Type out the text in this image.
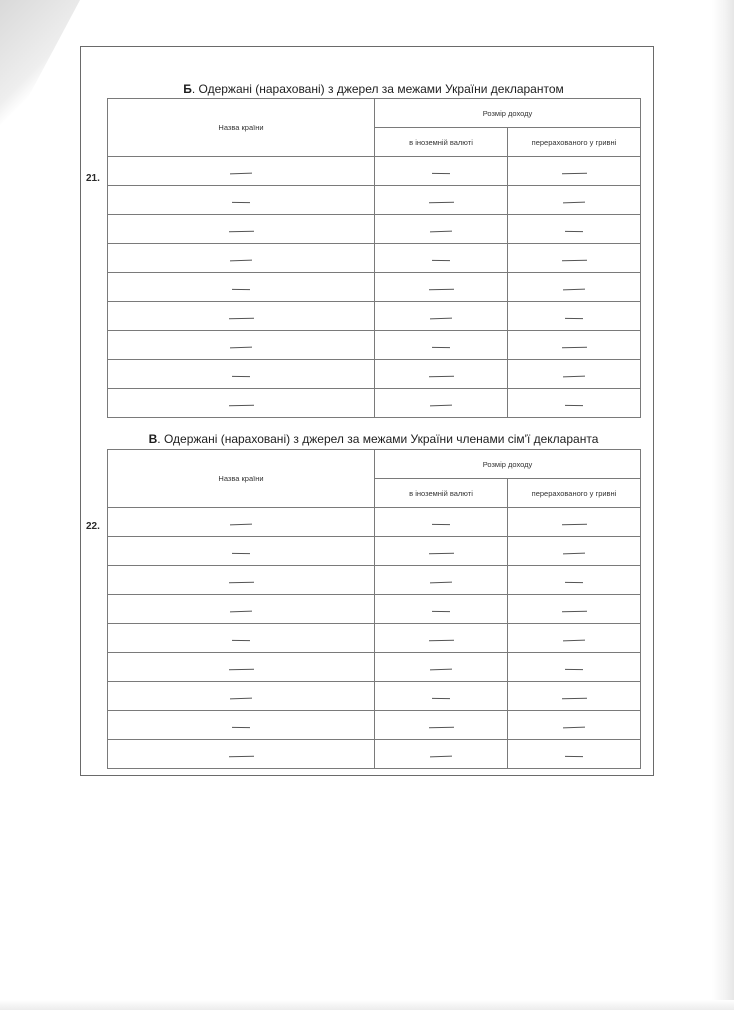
Б. Одержані (нараховані) з джерел за межами України декларантом
21.
Назва країни	Розмір доходу	
	в іноземній валюті	перерахованого у гривні

В. Одержані (нараховані) з джерел за межами України членами сім'ї декларанта
22.
Назва країни	Розмір доходу	
	в іноземній валюті	перерахованого у гривні
